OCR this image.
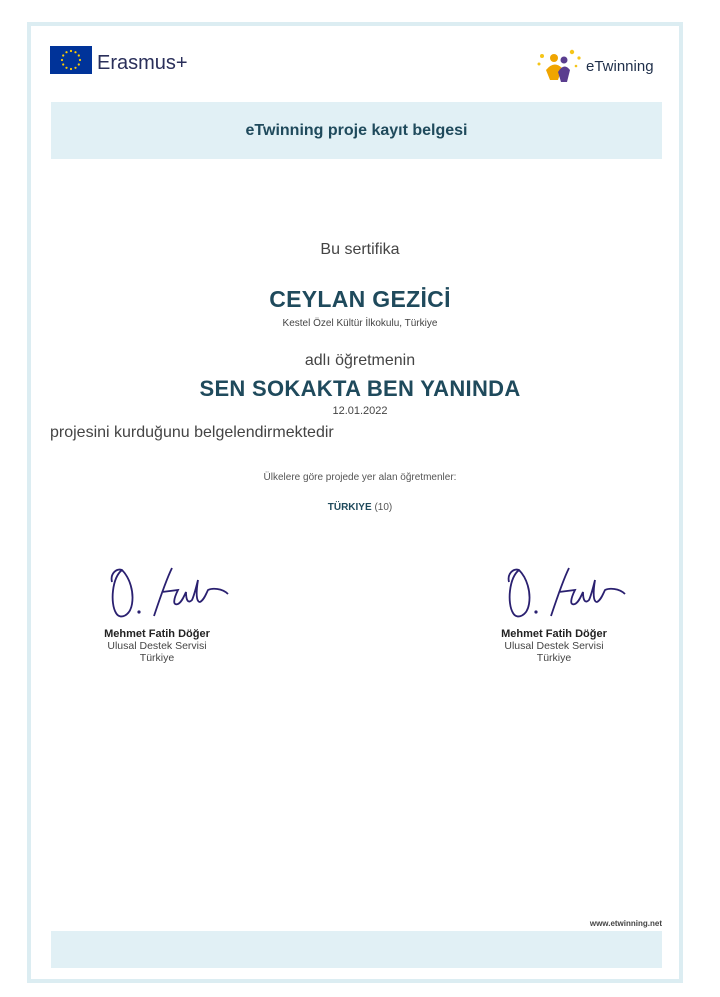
Erasmus+	eTwinning
eTwinning proje kayıt belgesi
Bu sertifika
CEYLAN GEZİCİ
Kestel Özel Kültür İlkokulu, Türkiye
adlı öğretmenin
SEN SOKAKTA BEN YANINDA
12.01.2022
projesini kurduğunu belgelendirmektedir
Ülkelere göre projede yer alan öğretmenler:
TÜRKIYE (10)
Mehmet Fatih Döğer
Ulusal Destek Servisi
Türkiye
Mehmet Fatih Döğer
Ulusal Destek Servisi
Türkiye
www.etwinning.net
